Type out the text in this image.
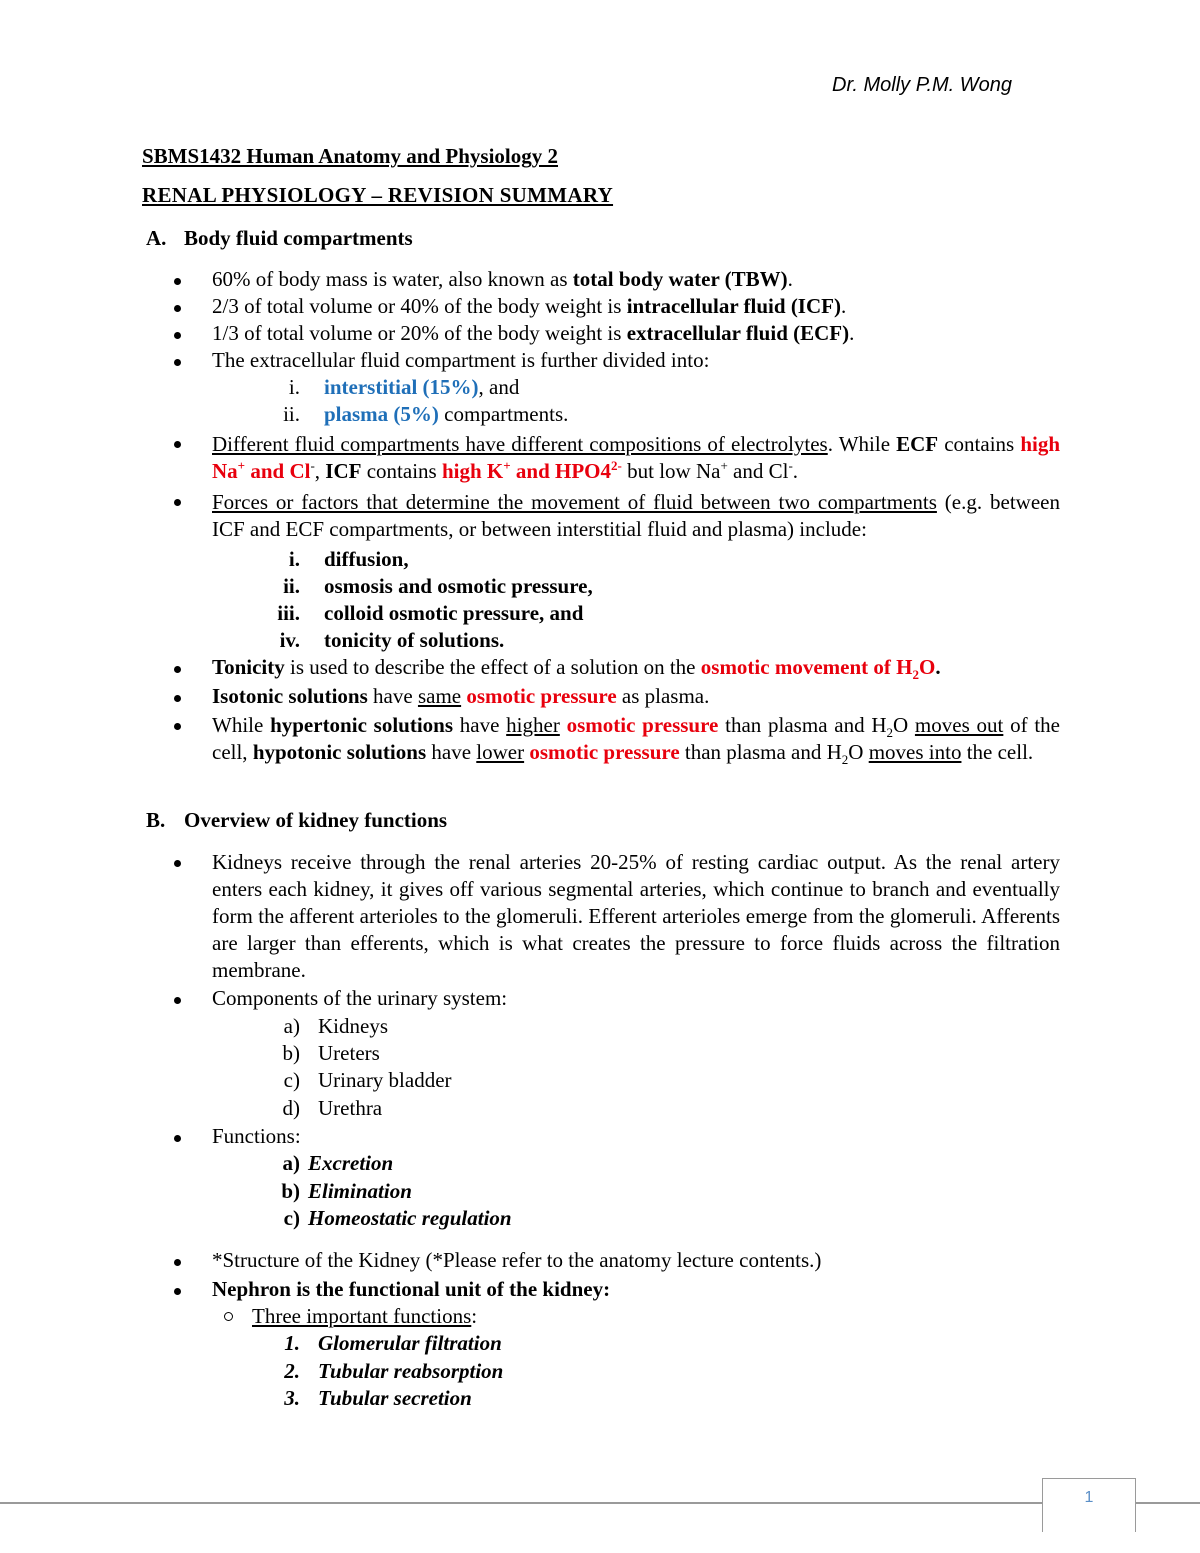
Dr. Molly P.M. Wong
SBMS1432 Human Anatomy and Physiology 2
RENAL PHYSIOLOGY – REVISION SUMMARY
A. Body fluid compartments
60% of body mass is water, also known as total body water (TBW).
2/3 of total volume or 40% of the body weight is intracellular fluid (ICF).
1/3 of total volume or 20% of the body weight is extracellular fluid (ECF).
The extracellular fluid compartment is further divided into:
i. interstitial (15%), and
ii. plasma (5%) compartments.
Different fluid compartments have different compositions of electrolytes. While ECF contains high Na+ and Cl-, ICF contains high K+ and $HPO4^{2-}$ but low Na+ and Cl-.
Forces or factors that determine the movement of fluid between two compartments (e.g. between ICF and ECF compartments, or between interstitial fluid and plasma) include:
i. diffusion,
ii. osmosis and osmotic pressure,
iii. colloid osmotic pressure, and
iv. tonicity of solutions.
Tonicity is used to describe the effect of a solution on the osmotic movement of $H_2O$.
Isotonic solutions have same osmotic pressure as plasma.
While hypertonic solutions have higher osmotic pressure than plasma and $H_2O$ moves out of the cell, hypotonic solutions have lower osmotic pressure than plasma and $H_2O$ moves into the cell.
B. Overview of kidney functions
Kidneys receive through the renal arteries 20-25% of resting cardiac output. As the renal artery enters each kidney, it gives off various segmental arteries, which continue to branch and eventually form the afferent arterioles to the glomeruli. Efferent arterioles emerge from the glomeruli. Afferents are larger than efferents, which is what creates the pressure to force fluids across the filtration membrane.
Components of the urinary system:
a) Kidneys
b) Ureters
c) Urinary bladder
d) Urethra
Functions:
a) Excretion
b) Elimination
c) Homeostatic regulation
*Structure of the Kidney (*Please refer to the anatomy lecture contents.)
Nephron is the functional unit of the kidney:
Three important functions:
1. Glomerular filtration
2. Tubular reabsorption
3. Tubular secretion
1
